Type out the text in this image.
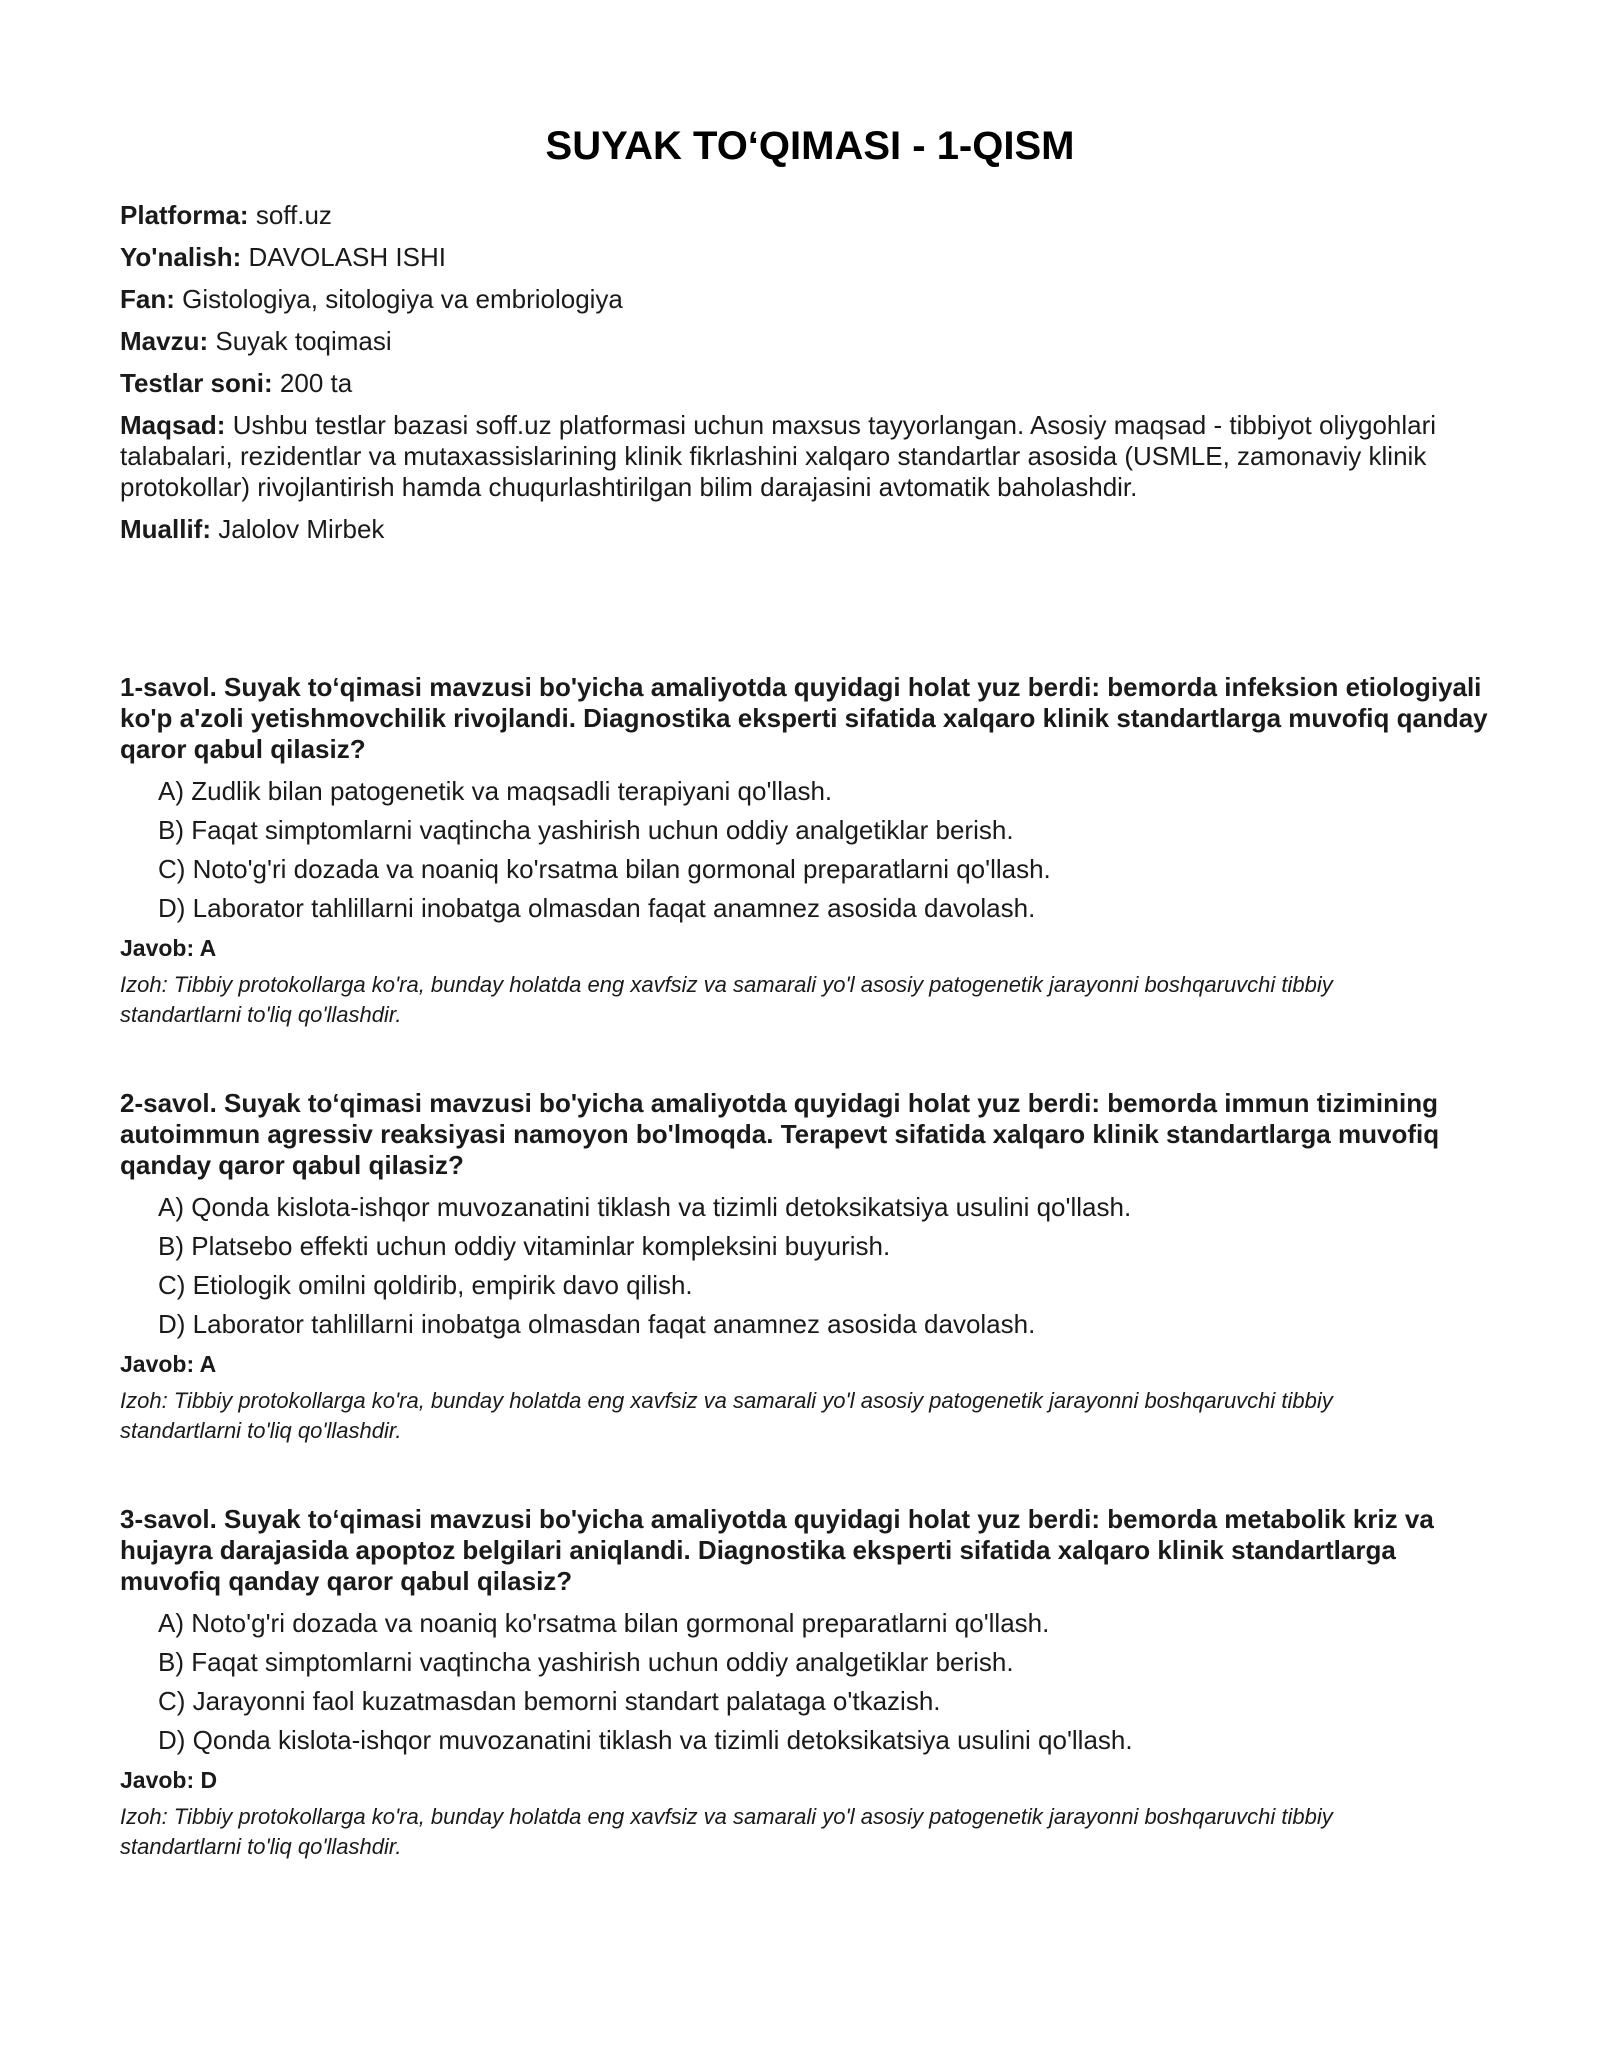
SUYAK TO‘QIMASI - 1-QISM

Platforma: soff.uz

Yo'nalish: DAVOLASH ISHI

Fan: Gistologiya, sitologiya va embriologiya

Mavzu: Suyak toqimasi

Testlar soni: 200 ta

Maqsad: Ushbu testlar bazasi soff.uz platformasi uchun maxsus tayyorlangan. Asosiy maqsad - tibbiyot oliygohlari talabalari, rezidentlar va mutaxassislarining klinik fikrlashini xalqaro standartlar asosida (USMLE, zamonaviy klinik protokollar) rivojlantirish hamda chuqurlashtirilgan bilim darajasini avtomatik baholashdir.

Muallif: Jalolov Mirbek

1-savol. Suyak to‘qimasi mavzusi bo'yicha amaliyotda quyidagi holat yuz berdi: bemorda infeksion etiologiyali ko'p a'zoli yetishmovchilik rivojlandi. Diagnostika eksperti sifatida xalqaro klinik standartlarga muvofiq qanday qaror qabul qilasiz?

A) Zudlik bilan patogenetik va maqsadli terapiyani qo'llash.
B) Faqat simptomlarni vaqtincha yashirish uchun oddiy analgetiklar berish.
C) Noto'g'ri dozada va noaniq ko'rsatma bilan gormonal preparatlarni qo'llash.
D) Laborator tahlillarni inobatga olmasdan faqat anamnez asosida davolash.

Javob: A

Izoh: Tibbiy protokollarga ko'ra, bunday holatda eng xavfsiz va samarali yo'l asosiy patogenetik jarayonni boshqaruvchi tibbiy standartlarni to'liq qo'llashdir.

2-savol. Suyak to‘qimasi mavzusi bo'yicha amaliyotda quyidagi holat yuz berdi: bemorda immun tizimining autoimmun agressiv reaksiyasi namoyon bo'lmoqda. Terapevt sifatida xalqaro klinik standartlarga muvofiq qanday qaror qabul qilasiz?

A) Qonda kislota-ishqor muvozanatini tiklash va tizimli detoksikatsiya usulini qo'llash.
B) Platsebo effekti uchun oddiy vitaminlar kompleksini buyurish.
C) Etiologik omilni qoldirib, empirik davo qilish.
D) Laborator tahlillarni inobatga olmasdan faqat anamnez asosida davolash.

Javob: A

Izoh: Tibbiy protokollarga ko'ra, bunday holatda eng xavfsiz va samarali yo'l asosiy patogenetik jarayonni boshqaruvchi tibbiy standartlarni to'liq qo'llashdir.

3-savol. Suyak to‘qimasi mavzusi bo'yicha amaliyotda quyidagi holat yuz berdi: bemorda metabolik kriz va hujayra darajasida apoptoz belgilari aniqlandi. Diagnostika eksperti sifatida xalqaro klinik standartlarga muvofiq qanday qaror qabul qilasiz?

A) Noto'g'ri dozada va noaniq ko'rsatma bilan gormonal preparatlarni qo'llash.
B) Faqat simptomlarni vaqtincha yashirish uchun oddiy analgetiklar berish.
C) Jarayonni faol kuzatmasdan bemorni standart palataga o'tkazish.
D) Qonda kislota-ishqor muvozanatini tiklash va tizimli detoksikatsiya usulini qo'llash.

Javob: D

Izoh: Tibbiy protokollarga ko'ra, bunday holatda eng xavfsiz va samarali yo'l asosiy patogenetik jarayonni boshqaruvchi tibbiy standartlarni to'liq qo'llashdir.
